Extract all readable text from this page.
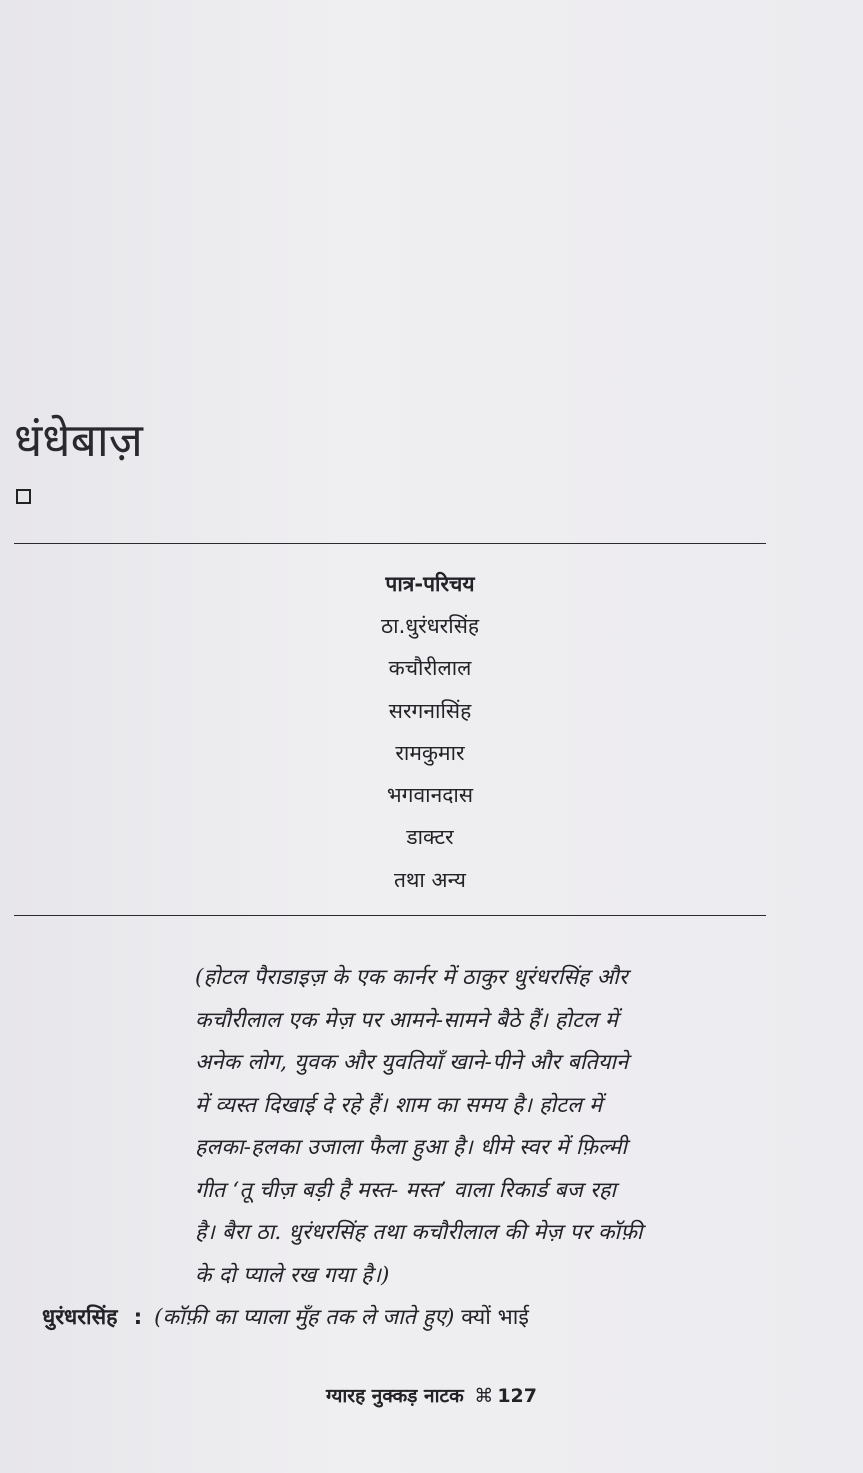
धंधेबाज़
पात्र-परिचय
ठा.धुरंधरसिंह
कचौरीलाल
सरगनासिंह
रामकुमार
भगवानदास
डाक्टर
तथा अन्य
(होटल पैराडाइज़ के एक कार्नर में ठाकुर धुरंधरसिंह और
कचौरीलाल एक मेज़ पर आमने-सामने बैठे हैं। होटल में
अनेक लोग, युवक और युवतियाँ खाने-पीने और बतियाने
में व्यस्त दिखाई दे रहे हैं। शाम का समय है। होटल में
हलका-हलका उजाला फैला हुआ है। धीमे स्वर में फ़िल्मी
गीत ‘तू चीज़ बड़ी है मस्त- मस्त’ वाला रिकार्ड बज रहा
है। बैरा ठा. धुरंधरसिंह तथा कचौरीलाल की मेज़ पर कॉफ़ी
के दो प्याले रख गया है।)
धुरंधरसिंह : (कॉफ़ी का प्याला मुँह तक ले जाते हुए) क्यों भाई
ग्यारह नुक्कड़ नाटक ⌘ 127
